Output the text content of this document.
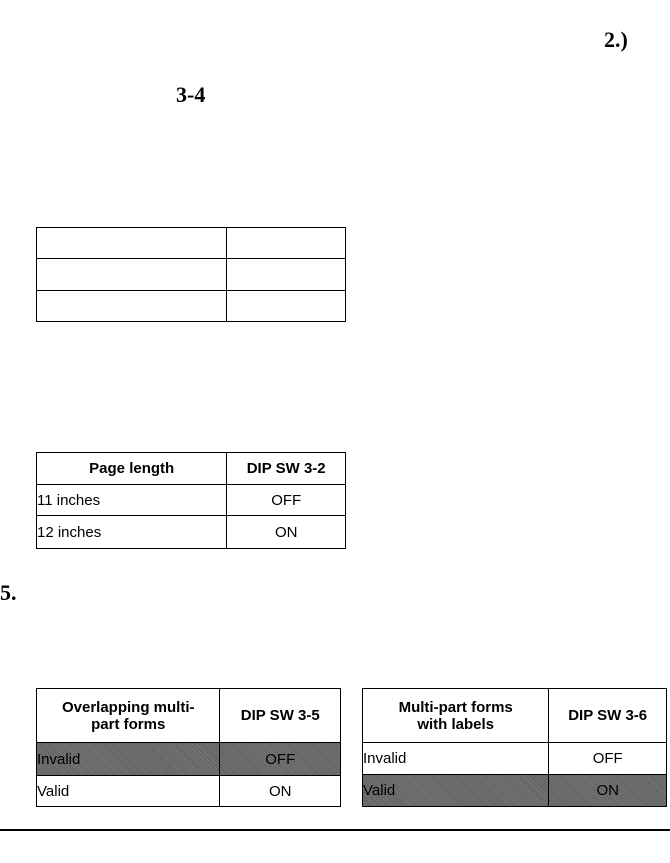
2.)
3-4
5.

Page length	DIP SW 3-2
11 inches	OFF
12 inches	ON
Overlapping multi-
part forms	DIP SW 3-5
Invalid	OFF
Valid	ON
Multi-part forms
with labels	DIP SW 3-6
Invalid	OFF
Valid	ON
